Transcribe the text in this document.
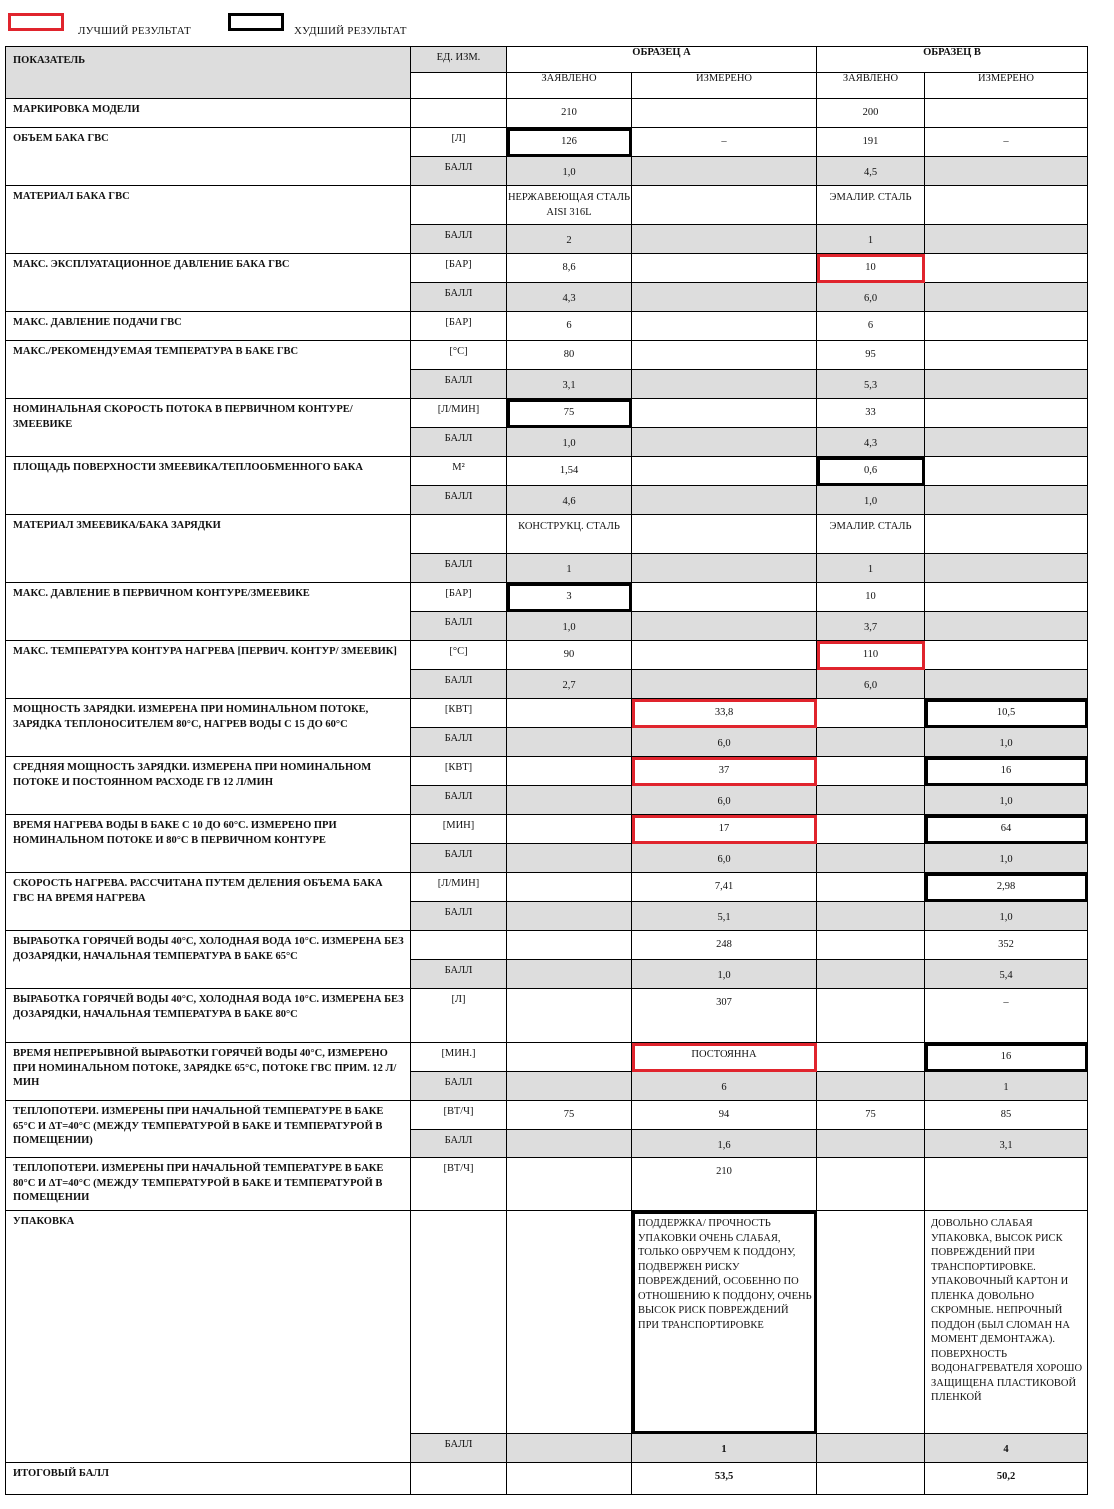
ЛУЧШИЙ РЕЗУЛЬТАТ	ХУДШИЙ РЕЗУЛЬТАТ
ПОКАЗАТЕЛЬ	ЕД. ИЗМ.	ОБРАЗЕЦ А		ОБРАЗЕЦ В	
		ЗАЯВЛЕНО	ИЗМЕРЕНО	ЗАЯВЛЕНО	ИЗМЕРЕНО
МАРКИРОВКА МОДЕЛИ		210		200	

ОБЪЕМ БАКА ГВС	[Л]	126	–	191	–

	БАЛЛ	1,0		4,5	

МАТЕРИАЛ БАКА ГВС		НЕРЖАВЕЮЩАЯ СТАЛЬ AISI 316L		ЭМАЛИР. СТАЛЬ	

	БАЛЛ	2		1	

МАКС. ЭКСПЛУАТАЦИОННОЕ ДАВЛЕНИЕ БАКА ГВС	[БАР]	8,6		10	

	БАЛЛ	4,3		6,0	

МАКС. ДАВЛЕНИЕ ПОДАЧИ ГВС	[БАР]	6		6	

МАКС./РЕКОМЕНДУЕМАЯ ТЕМПЕРАТУРА В БАКЕ ГВС	[°C]	80		95	

	БАЛЛ	3,1		5,3	

НОМИНАЛЬНАЯ СКОРОСТЬ ПОТОКА В ПЕРВИЧНОМ КОНТУРЕ/ЗМЕЕВИКЕ	[Л/МИН]	75		33	

	БАЛЛ	1,0		4,3	

ПЛОЩАДЬ ПОВЕРХНОСТИ ЗМЕЕВИКА/ТЕПЛООБМЕННОГО БАКА	М²	1,54		0,6	

	БАЛЛ	4,6		1,0	

МАТЕРИАЛ ЗМЕЕВИКА/БАКА ЗАРЯДКИ		КОНСТРУКЦ. СТАЛЬ		ЭМАЛИР. СТАЛЬ	

	БАЛЛ	1		1	

МАКС. ДАВЛЕНИЕ В ПЕРВИЧНОМ КОНТУРЕ/ЗМЕЕВИКЕ	[БАР]	3		10	

	БАЛЛ	1,0		3,7	

МАКС. ТЕМПЕРАТУРА КОНТУРА НАГРЕВА [ПЕРВИЧ. КОНТУР/ ЗМЕЕВИК]	[°C]	90		110	

	БАЛЛ	2,7		6,0	

МОЩНОСТЬ ЗАРЯДКИ. ИЗМЕРЕНА ПРИ НОМИНАЛЬНОМ ПОТОКЕ, ЗАРЯДКА ТЕПЛОНОСИТЕЛЕМ 80°С, НАГРЕВ ВОДЫ С 15 ДО 60°С	[КВТ]		33,8		10,5

	БАЛЛ		6,0		1,0

СРЕДНЯЯ МОЩНОСТЬ ЗАРЯДКИ. ИЗМЕРЕНА ПРИ НОМИНАЛЬНОМ ПОТОКЕ И ПОСТОЯННОМ РАСХОДЕ ГВ 12 Л/МИН	[КВТ]		37		16

	БАЛЛ		6,0		1,0

ВРЕМЯ НАГРЕВА ВОДЫ В БАКЕ С 10 ДО 60°С. ИЗМЕРЕНО ПРИ НОМИНАЛЬНОМ ПОТОКЕ И 80°С В ПЕРВИЧНОМ КОНТУРЕ	[МИН]		17		64

	БАЛЛ		6,0		1,0

СКОРОСТЬ НАГРЕВА. РАССЧИТАНА ПУТЕМ ДЕЛЕНИЯ ОБЪЕМА БАКА ГВС НА ВРЕМЯ НАГРЕВА	[Л/МИН]		7,41		2,98

	БАЛЛ		5,1		1,0

ВЫРАБОТКА ГОРЯЧЕЙ ВОДЫ 40°С, ХОЛОДНАЯ ВОДА 10°С. ИЗМЕРЕНА БЕЗ ДОЗАРЯДКИ, НАЧАЛЬНАЯ ТЕМПЕРАТУРА В БАКЕ 65°С			248		352

	БАЛЛ		1,0		5,4

ВЫРАБОТКА ГОРЯЧЕЙ ВОДЫ 40°С, ХОЛОДНАЯ ВОДА 10°С. ИЗМЕРЕНА БЕЗ ДОЗАРЯДКИ, НАЧАЛЬНАЯ ТЕМПЕРАТУРА В БАКЕ 80°С	[Л]		307		–

ВРЕМЯ НЕПРЕРЫВНОЙ ВЫРАБОТКИ ГОРЯЧЕЙ ВОДЫ 40°С, ИЗМЕРЕНО ПРИ НОМИНАЛЬНОМ ПОТОКЕ, ЗАРЯДКЕ 65°С, ПОТОКЕ ГВС ПРИМ. 12 Л/МИН	[МИН.]		ПОСТОЯННА		16

	БАЛЛ		6		1

ТЕПЛОПОТЕРИ. ИЗМЕРЕНЫ ПРИ НАЧАЛЬНОЙ ТЕМПЕРАТУРЕ В БАКЕ 65°С И ΔТ=40°С (МЕЖДУ ТЕМПЕРАТУРОЙ В БАКЕ И ТЕМПЕРАТУРОЙ В ПОМЕЩЕНИИ)	[ВТ/Ч]	75	94	75	85

	БАЛЛ		1,6		3,1

ТЕПЛОПОТЕРИ. ИЗМЕРЕНЫ ПРИ НАЧАЛЬНОЙ ТЕМПЕРАТУРЕ В БАКЕ 80°С И ΔТ=40°С (МЕЖДУ ТЕМПЕРАТУРОЙ В БАКЕ И ТЕМПЕРАТУРОЙ В ПОМЕЩЕНИИ	[ВТ/Ч]		210		

УПАКОВКА			ПОДДЕРЖКА/ ПРОЧНОСТЬ УПАКОВКИ ОЧЕНЬ СЛАБАЯ, ТОЛЬКО ОБРУЧЕМ К ПОДДОНУ, ПОДВЕРЖЕН РИСКУ ПОВРЕЖДЕНИЙ, ОСОБЕННО ПО ОТНОШЕНИЮ К ПОДДОНУ, ОЧЕНЬ ВЫСОК РИСК ПОВРЕЖДЕНИЙ ПРИ ТРАНСПОРТИРОВКЕ		ДОВОЛЬНО СЛАБАЯ УПАКОВКА, ВЫСОК РИСК ПОВРЕЖДЕНИЙ ПРИ ТРАНСПОРТИРОВКЕ. УПАКОВОЧНЫЙ КАРТОН И ПЛЕНКА ДОВОЛЬНО СКРОМНЫЕ. НЕПРОЧНЫЙ ПОДДОН (БЫЛ СЛОМАН НА МОМЕНТ ДЕМОНТАЖА). ПОВЕРХНОСТЬ ВОДОНАГРЕВАТЕЛЯ ХОРОШО ЗАЩИЩЕНА ПЛАСТИКОВОЙ ПЛЕНКОЙ

	БАЛЛ		1		4

ИТОГОВЫЙ БАЛЛ			53,5		50,2
